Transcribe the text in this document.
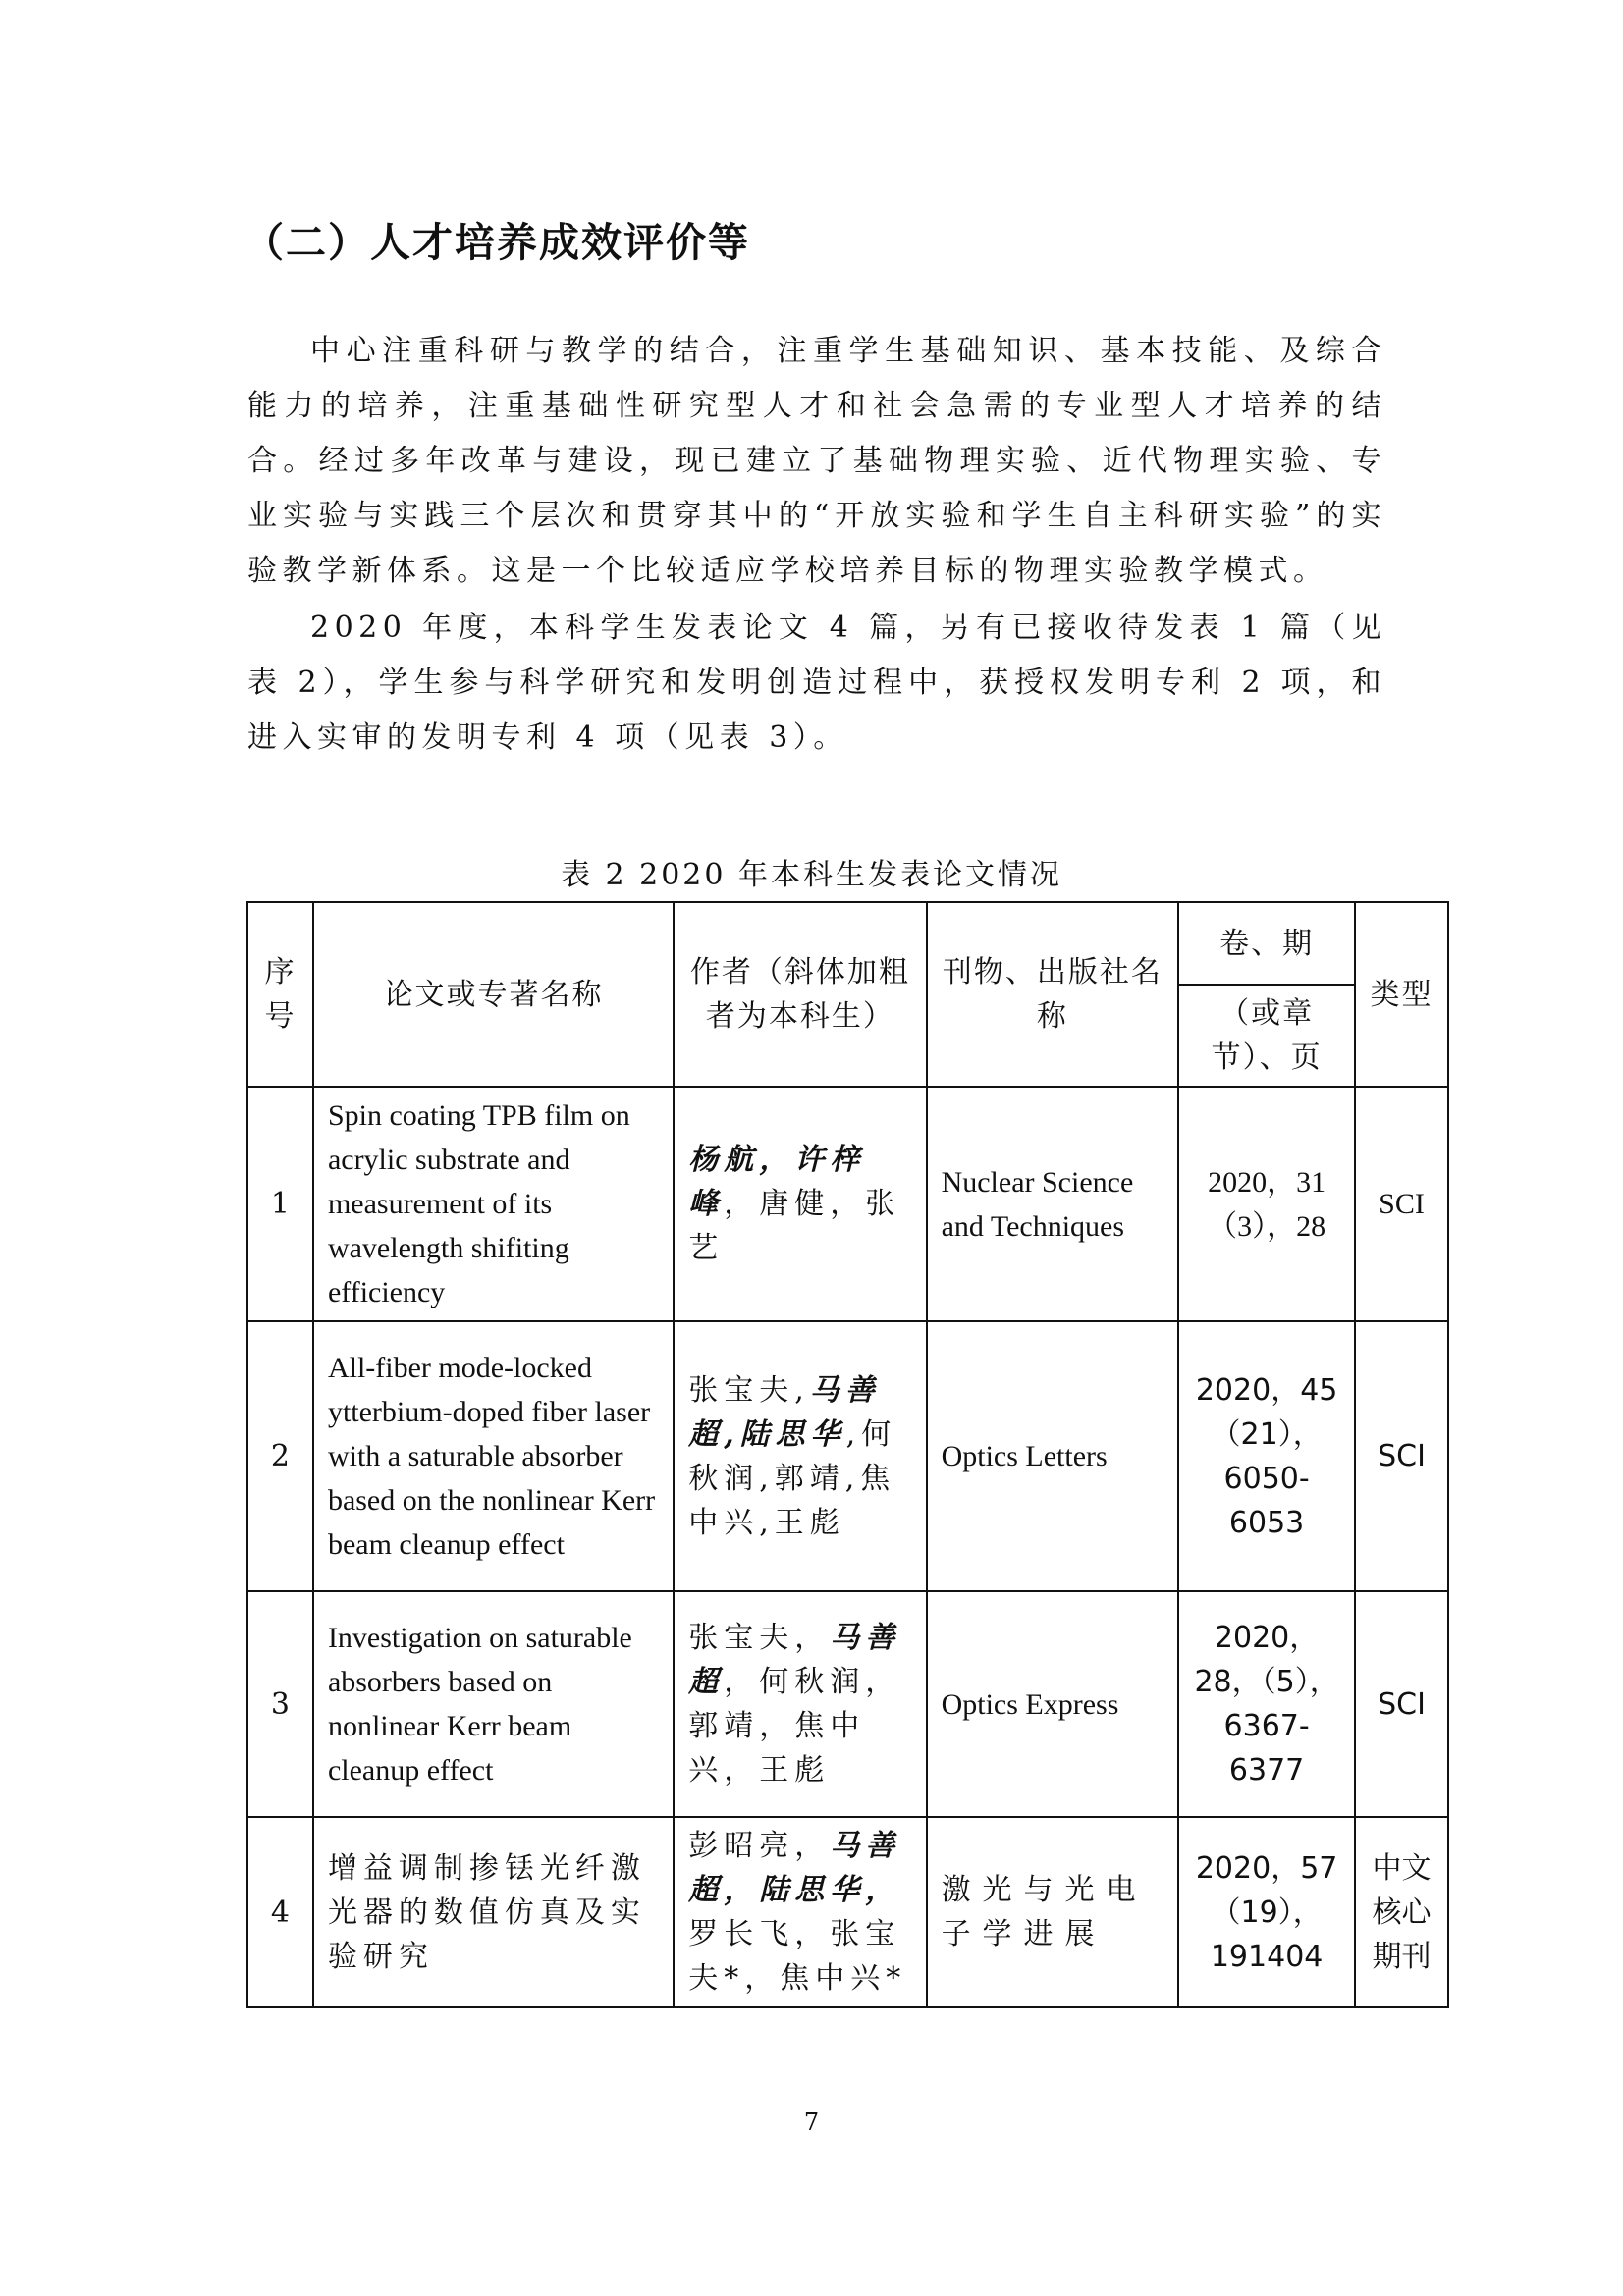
（二）人才培养成效评价等

中心注重科研与教学的结合，注重学生基础知识、基本技能、及综合能力的培养，注重基础性研究型人才和社会急需的专业型人才培养的结合。经过多年改革与建设，现已建立了基础物理实验、近代物理实验、专业实验与实践三个层次和贯穿其中的“开放实验和学生自主科研实验”的实验教学新体系。这是一个比较适应学校培养目标的物理实验教学模式。

2020 年度，本科学生发表论文 4 篇，另有已接收待发表 1 篇（见表 2），学生参与科学研究和发明创造过程中，获授权发明专利 2 项，和进入实审的发明专利 4 项（见表 3）。

表 2 2020 年本科生发表论文情况
序号	论文或专著名称	作者（斜体加粗者为本科生）	刊物、出版社名称	卷、期	类型
				（或章节）、页	
1	Spin coating TPB film on acrylic substrate and measurement of its wavelength shifiting efficiency	杨航，许梓峰，唐健，张艺	Nuclear Science and Techniques	2020，31（3），28	SCI
2	All-fiber mode-locked ytterbium-doped fiber laser with a saturable absorber based on the nonlinear Kerr beam cleanup effect	张宝夫,马善超,陆思华,何秋润,郭靖,焦中兴,王彪	Optics Letters	2020，45（21），6050-6053	SCI
3	Investigation on saturable absorbers based on nonlinear Kerr beam cleanup effect	张宝夫，马善超，何秋润，郭靖，焦中兴，王彪	Optics Express	2020，28，（5），6367-6377	SCI
4	增益调制掺铥光纤激光器的数值仿真及实验研究	彭昭亮，马善超，陆思华，罗长飞，张宝夫*，焦中兴*	激光与光电子学进展	2020，57（19），191404	中文核心期刊
7
